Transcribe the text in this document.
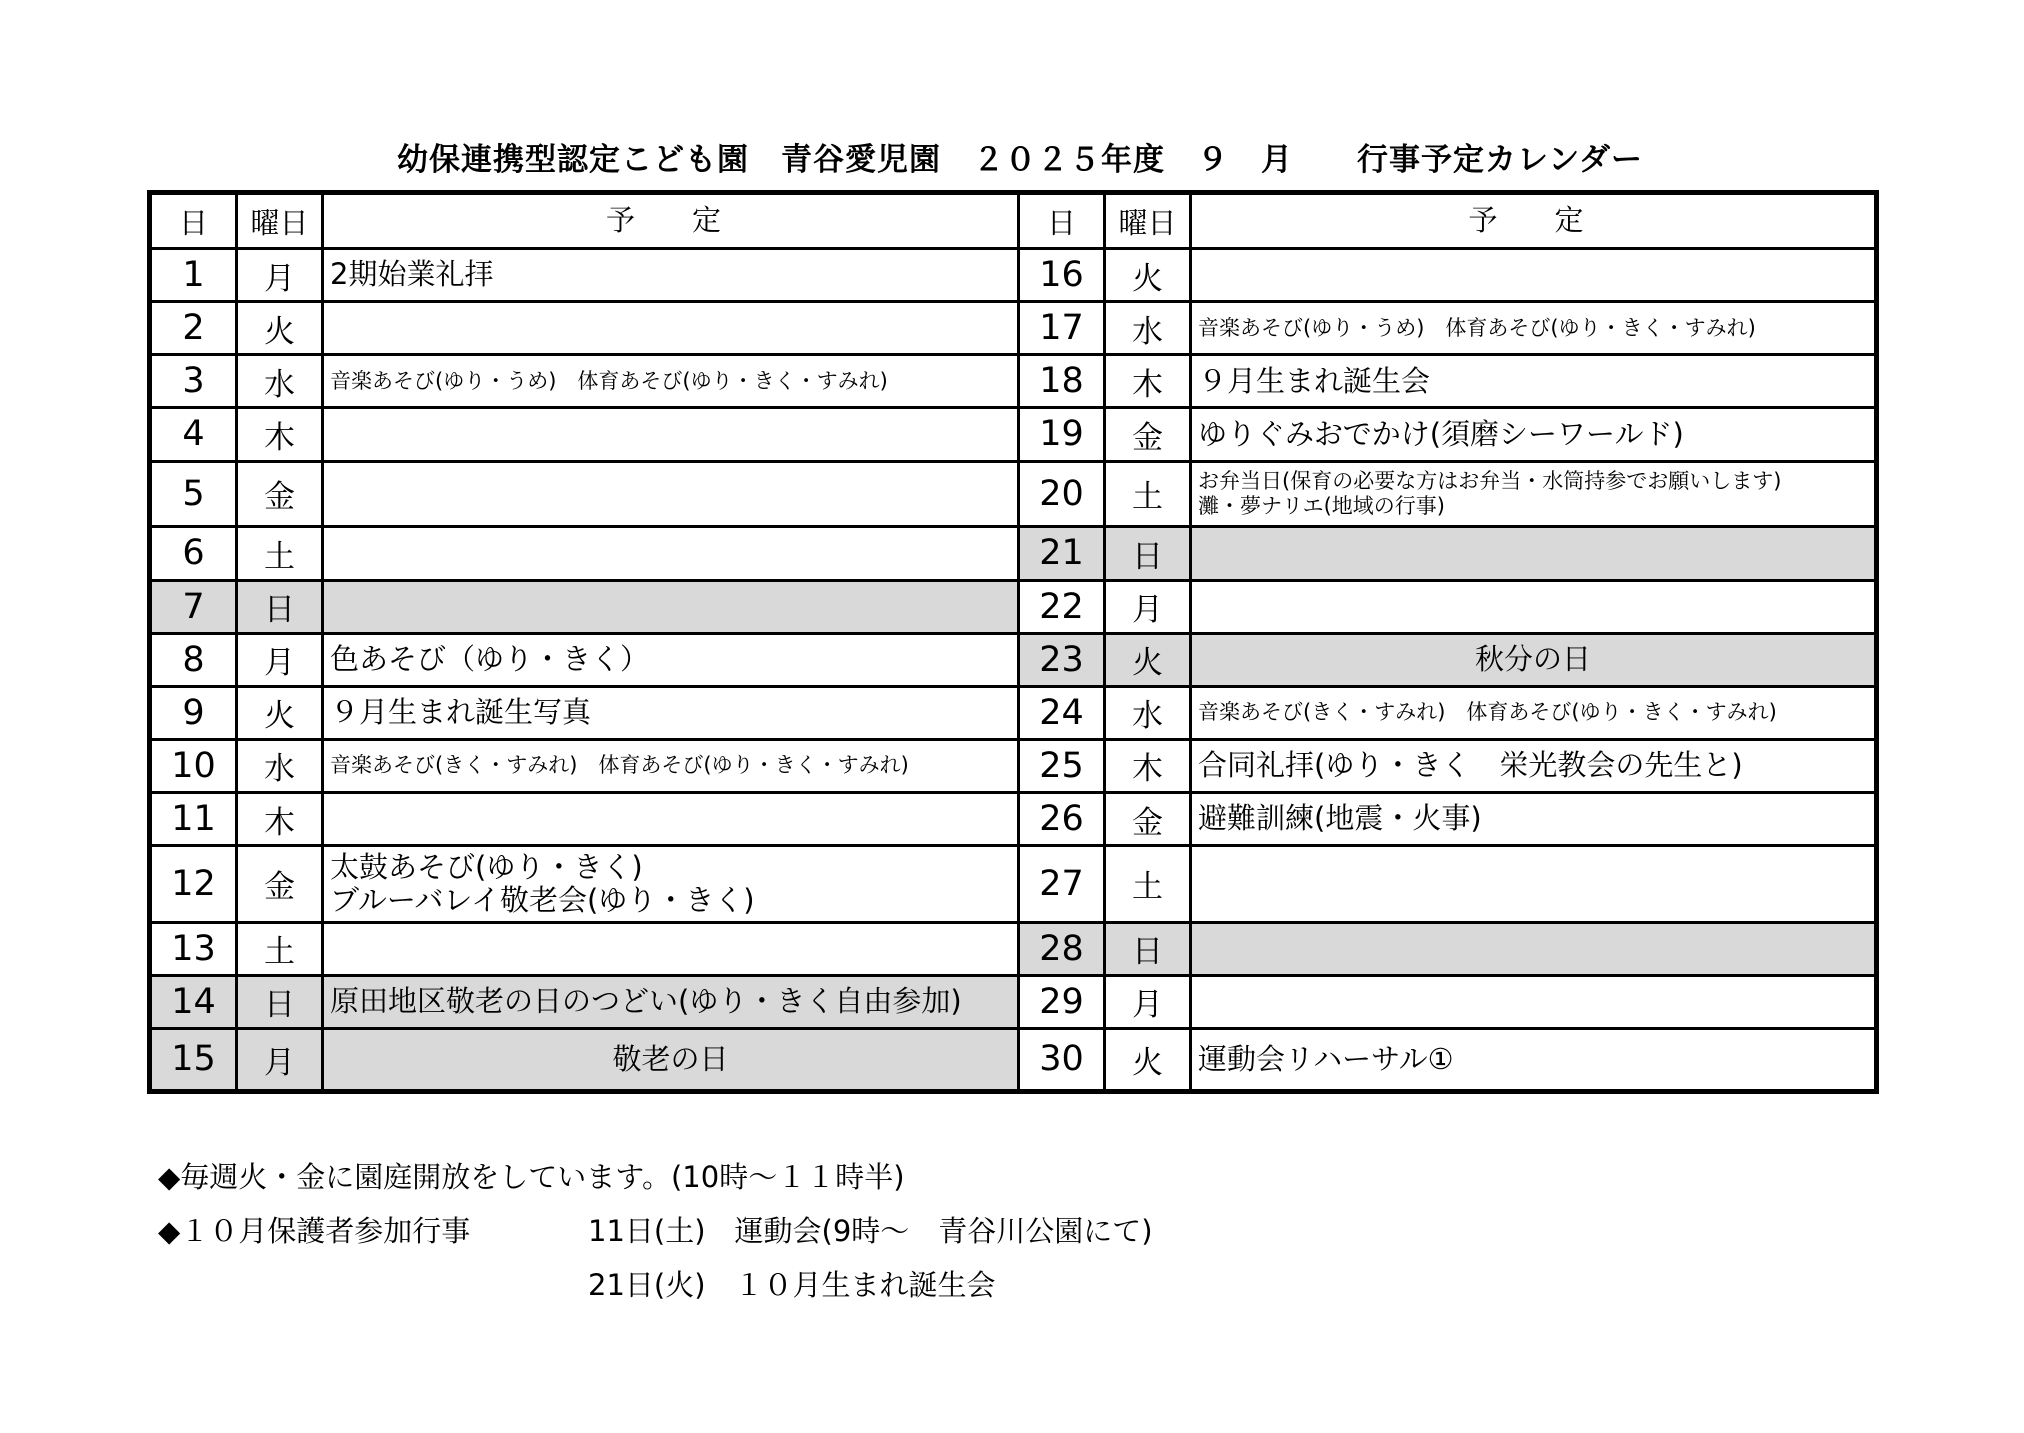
幼保連携型認定こども園　青谷愛児園　２０２５年度　９　月　　行事予定カレンダー
日	曜日	予　定
1	月	2期始業礼拝
2	火
3	水	音楽あそび(ゆり・うめ)　体育あそび(ゆり・きく・すみれ)
4	木
5	金
6	土
7	日
8	月	色あそび（ゆり・きく）
9	火	９月生まれ誕生写真
10	水	音楽あそび(きく・すみれ)　体育あそび(ゆり・きく・すみれ)
11	木
12	金
太鼓あそび(ゆり・きく)
ブルーバレイ敬老会(ゆり・きく)
13	土
14	日	原田地区敬老の日のつどい(ゆり・きく自由参加)
15	月	敬老の日
日	曜日	予　定
16	火
17	水	音楽あそび(ゆり・うめ)　体育あそび(ゆり・きく・すみれ)
18	木	９月生まれ誕生会
19	金	ゆりぐみおでかけ(須磨シーワールド)
20	土	お弁当日(保育の必要な方はお弁当・水筒持参でお願いします)
灘・夢ナリエ(地域の行事)
21	日
22	月
23	火	秋分の日
24	水	音楽あそび(きく・すみれ)　体育あそび(ゆり・きく・すみれ)
25	木	合同礼拝(ゆり・きく　栄光教会の先生と)
26	金	避難訓練(地震・火事)
27	土
28	日
29	月
30	火	運動会リハーサル①
◆毎週火・金に園庭開放をしています。(10時～１１時半)
◆１０月保護者参加行事	11日(土)　運動会(9時～　青谷川公園にて)
21日(火)　１０月生まれ誕生会
